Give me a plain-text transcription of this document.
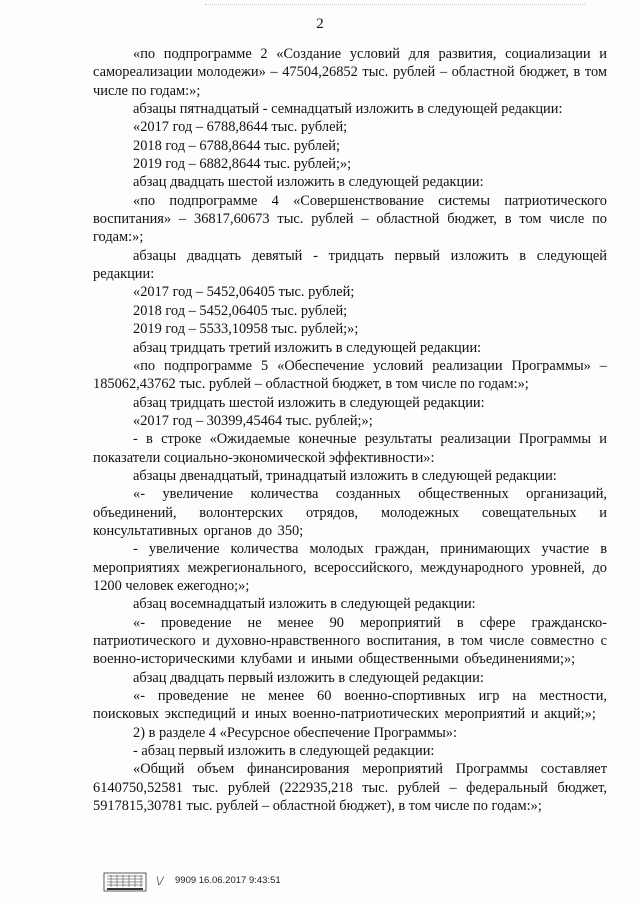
2

«по подпрограмме 2 «Создание условий для развития, социализации и самореализации молодежи» – 47504,26852 тыс. рублей – областной бюджет, в том числе по годам:»;

абзацы пятнадцатый - семнадцатый изложить в следующей редакции:

«2017 год – 6788,8644 тыс. рублей;

2018 год – 6788,8644 тыс. рублей;

2019 год – 6882,8644 тыс. рублей;»;

абзац двадцать шестой изложить в следующей редакции:

«по подпрограмме 4 «Совершенствование системы патриотического воспитания» – 36817,60673 тыс. рублей – областной бюджет, в том числе по годам:»;

абзацы двадцать девятый - тридцать первый изложить в следующей редакции:

«2017 год – 5452,06405 тыс. рублей;

2018 год – 5452,06405 тыс. рублей;

2019 год – 5533,10958 тыс. рублей;»;

абзац тридцать третий изложить в следующей редакции:

«по подпрограмме 5 «Обеспечение условий реализации Программы» – 185062,43762 тыс. рублей – областной бюджет, в том числе по годам:»;

абзац тридцать шестой изложить в следующей редакции:

«2017 год – 30399,45464 тыс. рублей;»;

- в строке «Ожидаемые конечные результаты реализации Программы и показатели социально-экономической эффективности»:

абзацы двенадцатый, тринадцатый изложить в следующей редакции:

«- увеличение количества созданных общественных организаций, объединений, волонтерских отрядов, молодежных совещательных и консультативных органов до 350;

- увеличение количества молодых граждан, принимающих участие в мероприятиях межрегионального, всероссийского, международного уровней, до 1200 человек ежегодно;»;

абзац восемнадцатый изложить в следующей редакции:

«- проведение не менее 90 мероприятий в сфере гражданско-патриотического и духовно-нравственного воспитания, в том числе совместно с военно-историческими клубами и иными общественными объединениями;»;

абзац двадцать первый изложить в следующей редакции:

«- проведение не менее 60 военно-спортивных игр на местности, поисковых экспедиций и иных военно-патриотических мероприятий и акций;»;

2) в разделе 4 «Ресурсное обеспечение Программы»:

- абзац первый изложить в следующей редакции:

«Общий объем финансирования мероприятий Программы составляет 6140750,52581 тыс. рублей (222935,218 тыс. рублей – федеральный бюджет, 5917815,30781 тыс. рублей – областной бюджет), в том числе по годам:»;

\/ 9909 16.06.2017 9:43:51
